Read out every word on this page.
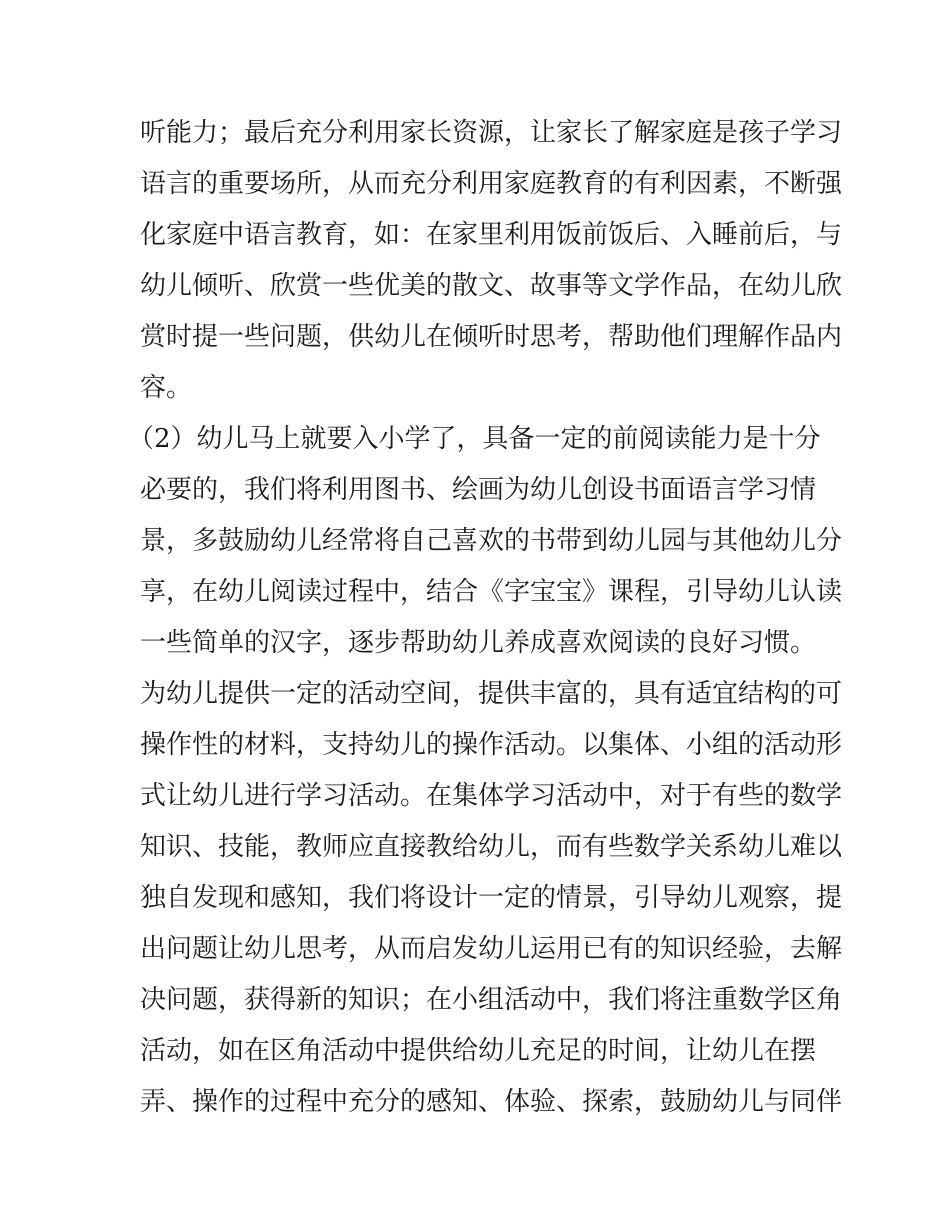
听能力；最后充分利用家长资源，让家长了解家庭是孩子学习
语言的重要场所，从而充分利用家庭教育的有利因素，不断强
化家庭中语言教育，如：在家里利用饭前饭后、入睡前后，与
幼儿倾听、欣赏一些优美的散文、故事等文学作品，在幼儿欣
赏时提一些问题，供幼儿在倾听时思考，帮助他们理解作品内
容。
（2）幼儿马上就要入小学了，具备一定的前阅读能力是十分
必要的，我们将利用图书、绘画为幼儿创设书面语言学习情
景，多鼓励幼儿经常将自己喜欢的书带到幼儿园与其他幼儿分
享，在幼儿阅读过程中，结合《字宝宝》课程，引导幼儿认读
一些简单的汉字，逐步帮助幼儿养成喜欢阅读的良好习惯。
为幼儿提供一定的活动空间，提供丰富的，具有适宜结构的可
操作性的材料，支持幼儿的操作活动。以集体、小组的活动形
式让幼儿进行学习活动。在集体学习活动中，对于有些的数学
知识、技能，教师应直接教给幼儿，而有些数学关系幼儿难以
独自发现和感知，我们将设计一定的情景，引导幼儿观察，提
出问题让幼儿思考，从而启发幼儿运用已有的知识经验，去解
决问题，获得新的知识；在小组活动中，我们将注重数学区角
活动，如在区角活动中提供给幼儿充足的时间，让幼儿在摆
弄、操作的过程中充分的感知、体验、探索，鼓励幼儿与同伴
